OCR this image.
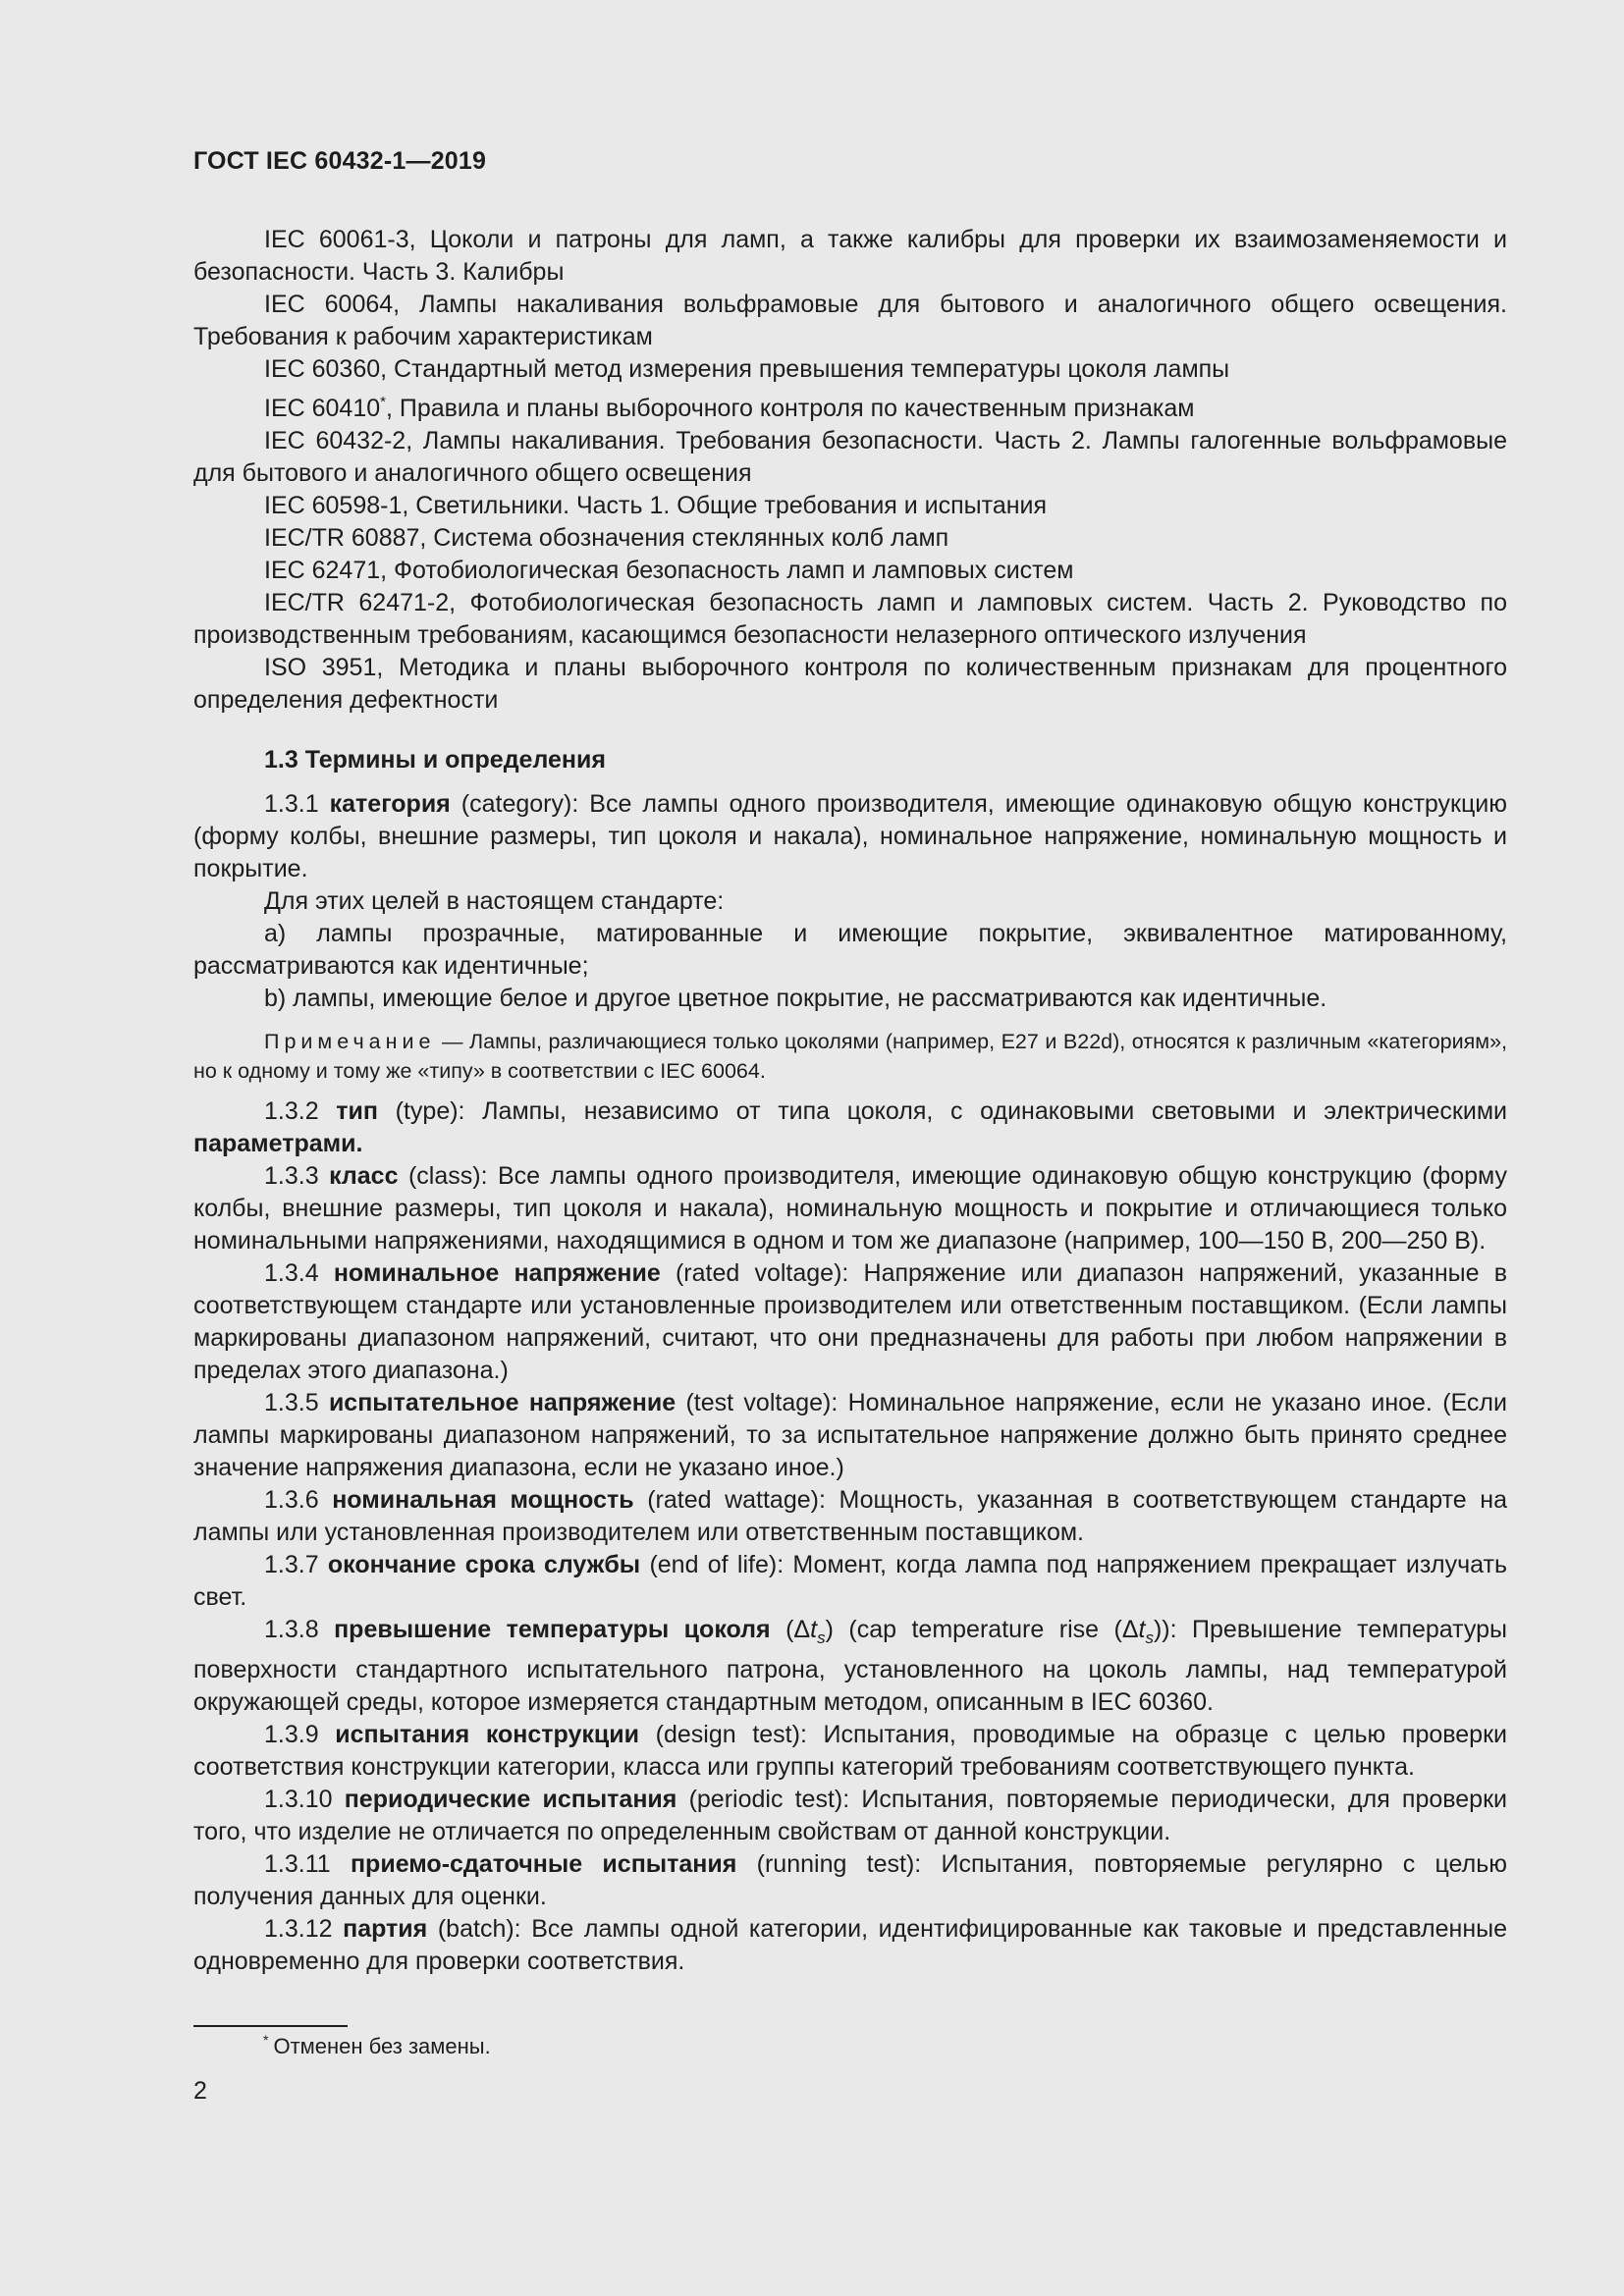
ГОСТ IEC 60432-1—2019

IEC 60061-3, Цоколи и патроны для ламп, а также калибры для проверки их взаимозаменяемости и безопасности. Часть 3. Калибры

IEC 60064, Лампы накаливания вольфрамовые для бытового и аналогичного общего освещения. Требования к рабочим характеристикам

IEC 60360, Стандартный метод измерения превышения температуры цоколя лампы

IEC 60410*, Правила и планы выборочного контроля по качественным признакам

IEC 60432-2, Лампы накаливания. Требования безопасности. Часть 2. Лампы галогенные вольфрамовые для бытового и аналогичного общего освещения

IEC 60598-1, Светильники. Часть 1. Общие требования и испытания

IEC/TR 60887, Система обозначения стеклянных колб ламп

IEC 62471, Фотобиологическая безопасность ламп и ламповых систем

IEC/TR 62471-2, Фотобиологическая безопасность ламп и ламповых систем. Часть 2. Руководство по производственным требованиям, касающимся безопасности нелазерного оптического излучения

ISO 3951, Методика и планы выборочного контроля по количественным признакам для процентного определения дефектности

1.3 Термины и определения

1.3.1 категория (category): Все лампы одного производителя, имеющие одинаковую общую конструкцию (форму колбы, внешние размеры, тип цоколя и накала), номинальное напряжение, номинальную мощность и покрытие.

Для этих целей в настоящем стандарте:

a) лампы прозрачные, матированные и имеющие покрытие, эквивалентное матированному, рассматриваются как идентичные;

b) лампы, имеющие белое и другое цветное покрытие, не рассматриваются как идентичные.

Примечание — Лампы, различающиеся только цоколями (например, E27 и B22d), относятся к различным «категориям», но к одному и тому же «типу» в соответствии с IEC 60064.

1.3.2 тип (type): Лампы, независимо от типа цоколя, с одинаковыми световыми и электрическими параметрами.

1.3.3 класс (class): Все лампы одного производителя, имеющие одинаковую общую конструкцию (форму колбы, внешние размеры, тип цоколя и накала), номинальную мощность и покрытие и отличающиеся только номинальными напряжениями, находящимися в одном и том же диапазоне (например, 100—150 В, 200—250 В).

1.3.4 номинальное напряжение (rated voltage): Напряжение или диапазон напряжений, указанные в соответствующем стандарте или установленные производителем или ответственным поставщиком. (Если лампы маркированы диапазоном напряжений, считают, что они предназначены для работы при любом напряжении в пределах этого диапазона.)

1.3.5 испытательное напряжение (test voltage): Номинальное напряжение, если не указано иное. (Если лампы маркированы диапазоном напряжений, то за испытательное напряжение должно быть принято среднее значение напряжения диапазона, если не указано иное.)

1.3.6 номинальная мощность (rated wattage): Мощность, указанная в соответствующем стандарте на лампы или установленная производителем или ответственным поставщиком.

1.3.7 окончание срока службы (end of life): Момент, когда лампа под напряжением прекращает излучать свет.

1.3.8 превышение температуры цоколя $(\Delta t_s)$ (cap temperature rise $(\Delta t_s)$): Превышение температуры поверхности стандартного испытательного патрона, установленного на цоколь лампы, над температурой окружающей среды, которое измеряется стандартным методом, описанным в IEC 60360.

1.3.9 испытания конструкции (design test): Испытания, проводимые на образце с целью проверки соответствия конструкции категории, класса или группы категорий требованиям соответствующего пункта.

1.3.10 периодические испытания (periodic test): Испытания, повторяемые периодически, для проверки того, что изделие не отличается по определенным свойствам от данной конструкции.

1.3.11 приемо-сдаточные испытания (running test): Испытания, повторяемые регулярно с целью получения данных для оценки.

1.3.12 партия (batch): Все лампы одной категории, идентифицированные как таковые и представленные одновременно для проверки соответствия.

* Отменен без замены.
2
